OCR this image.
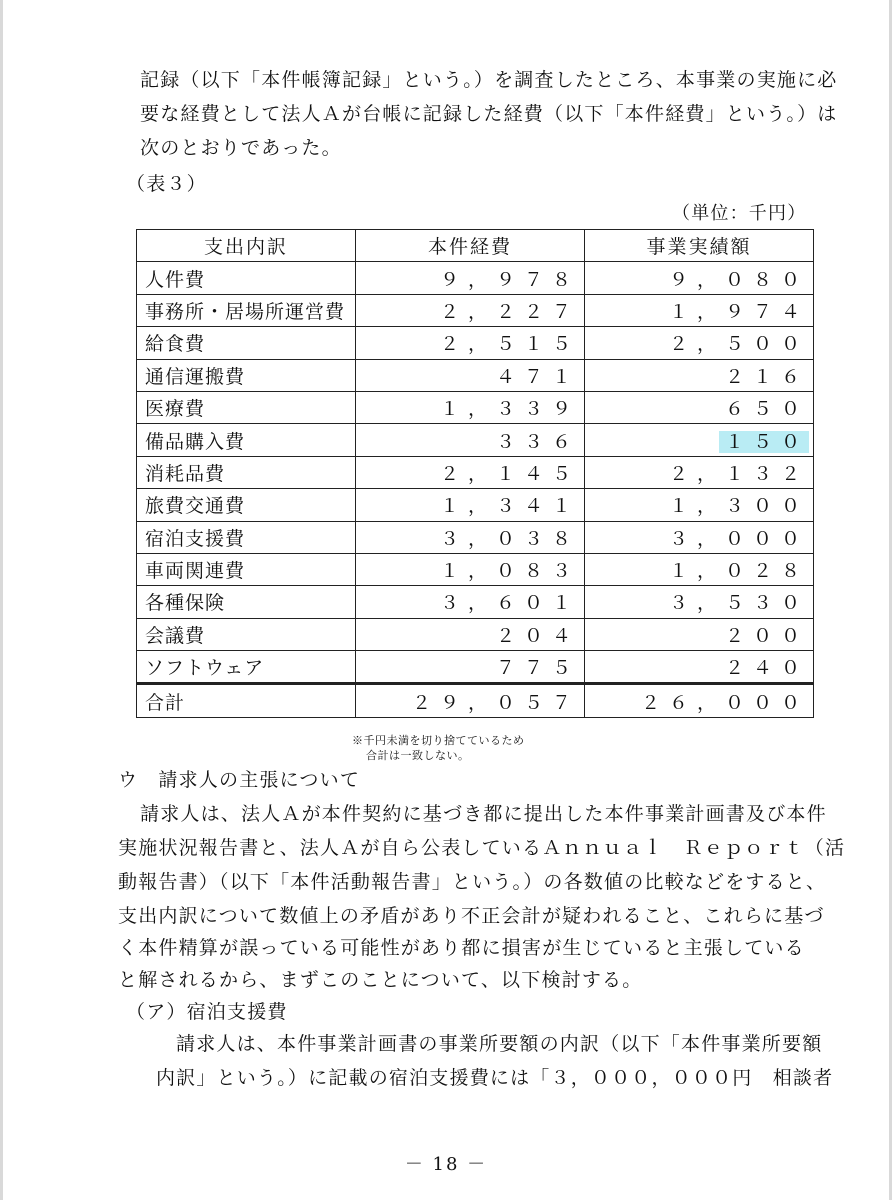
記録（以下「本件帳簿記録」という。）を調査したところ、本事業の実施に必
要な経費として法人Ａが台帳に記録した経費（以下「本件経費」という。）は
次のとおりであった。
（表３）
（単位：千円）
支出内訳	本件経費	事業実績額
人件費	９，９７８	９，０８０
事務所・居場所運営費	２，２２７	１，９７４
給食費	２，５１５	２，５００
通信運搬費	４７１	２１６
医療費	１，３３９	６５０
備品購入費	３３６	１５０
消耗品費	２，１４５	２，１３２
旅費交通費	１，３４１	１，３００
宿泊支援費	３，０３８	３，０００
車両関連費	１，０８３	１，０２８
各種保険	３，６０１	３，５３０
会議費	２０４	２００
ソフトウェア	７７５	２４０
合計	２９，０５７	２６，０００
※千円未満を切り捨てているため
合計は一致しない。
ウ　請求人の主張について
請求人は、法人Ａが本件契約に基づき都に提出した本件事業計画書及び本件
実施状況報告書と、法人Ａが自ら公表しているＡｎｎｕａｌ　Ｒｅｐｏｒｔ（活
動報告書）（以下「本件活動報告書」という。）の各数値の比較などをすると、
支出内訳について数値上の矛盾があり不正会計が疑われること、これらに基づ
く本件精算が誤っている可能性があり都に損害が生じていると主張している
と解されるから、まずこのことについて、以下検討する。
（ア）宿泊支援費
請求人は、本件事業計画書の事業所要額の内訳（以下「本件事業所要額
内訳」という。）に記載の宿泊支援費には「３，０００，０００円　相談者
－ 18 －
